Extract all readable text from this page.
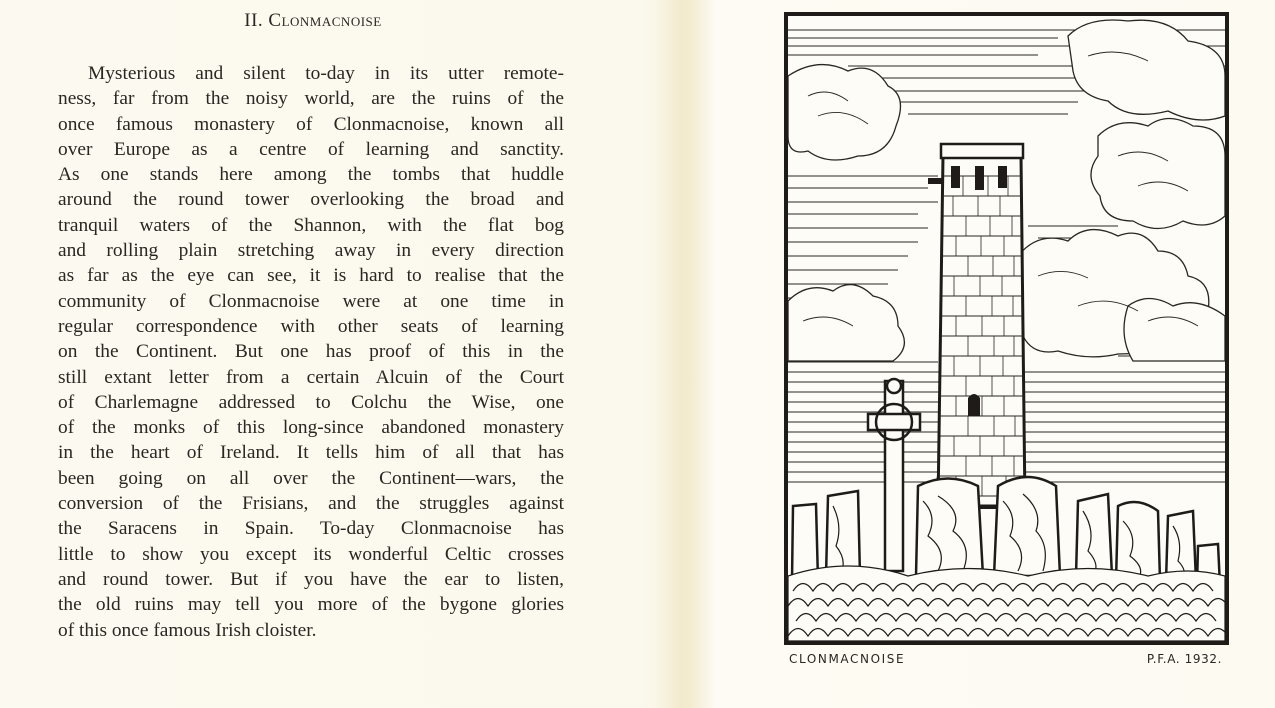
II. Clonmacnoise
Mysterious and silent to-day in its utter remote-
ness, far from the noisy world, are the ruins of the
once famous monastery of Clonmacnoise, known all
over Europe as a centre of learning and sanctity.
As one stands here among the tombs that huddle
around the round tower overlooking the broad and
tranquil waters of the Shannon, with the flat bog
and rolling plain stretching away in every direction
as far as the eye can see, it is hard to realise that the
community of Clonmacnoise were at one time in
regular correspondence with other seats of learning
on the Continent. But one has proof of this in the
still extant letter from a certain Alcuin of the Court
of Charlemagne addressed to Colchu the Wise, one
of the monks of this long-since abandoned monastery
in the heart of Ireland. It tells him of all that has
been going on all over the Continent—wars, the
conversion of the Frisians, and the struggles against
the Saracens in Spain. To-day Clonmacnoise has
little to show you except its wonderful Celtic crosses
and round tower. But if you have the ear to listen,
the old ruins may tell you more of the bygone glories
of this once famous Irish cloister.
CLONMACNOISE	P.F.A. 1932.
